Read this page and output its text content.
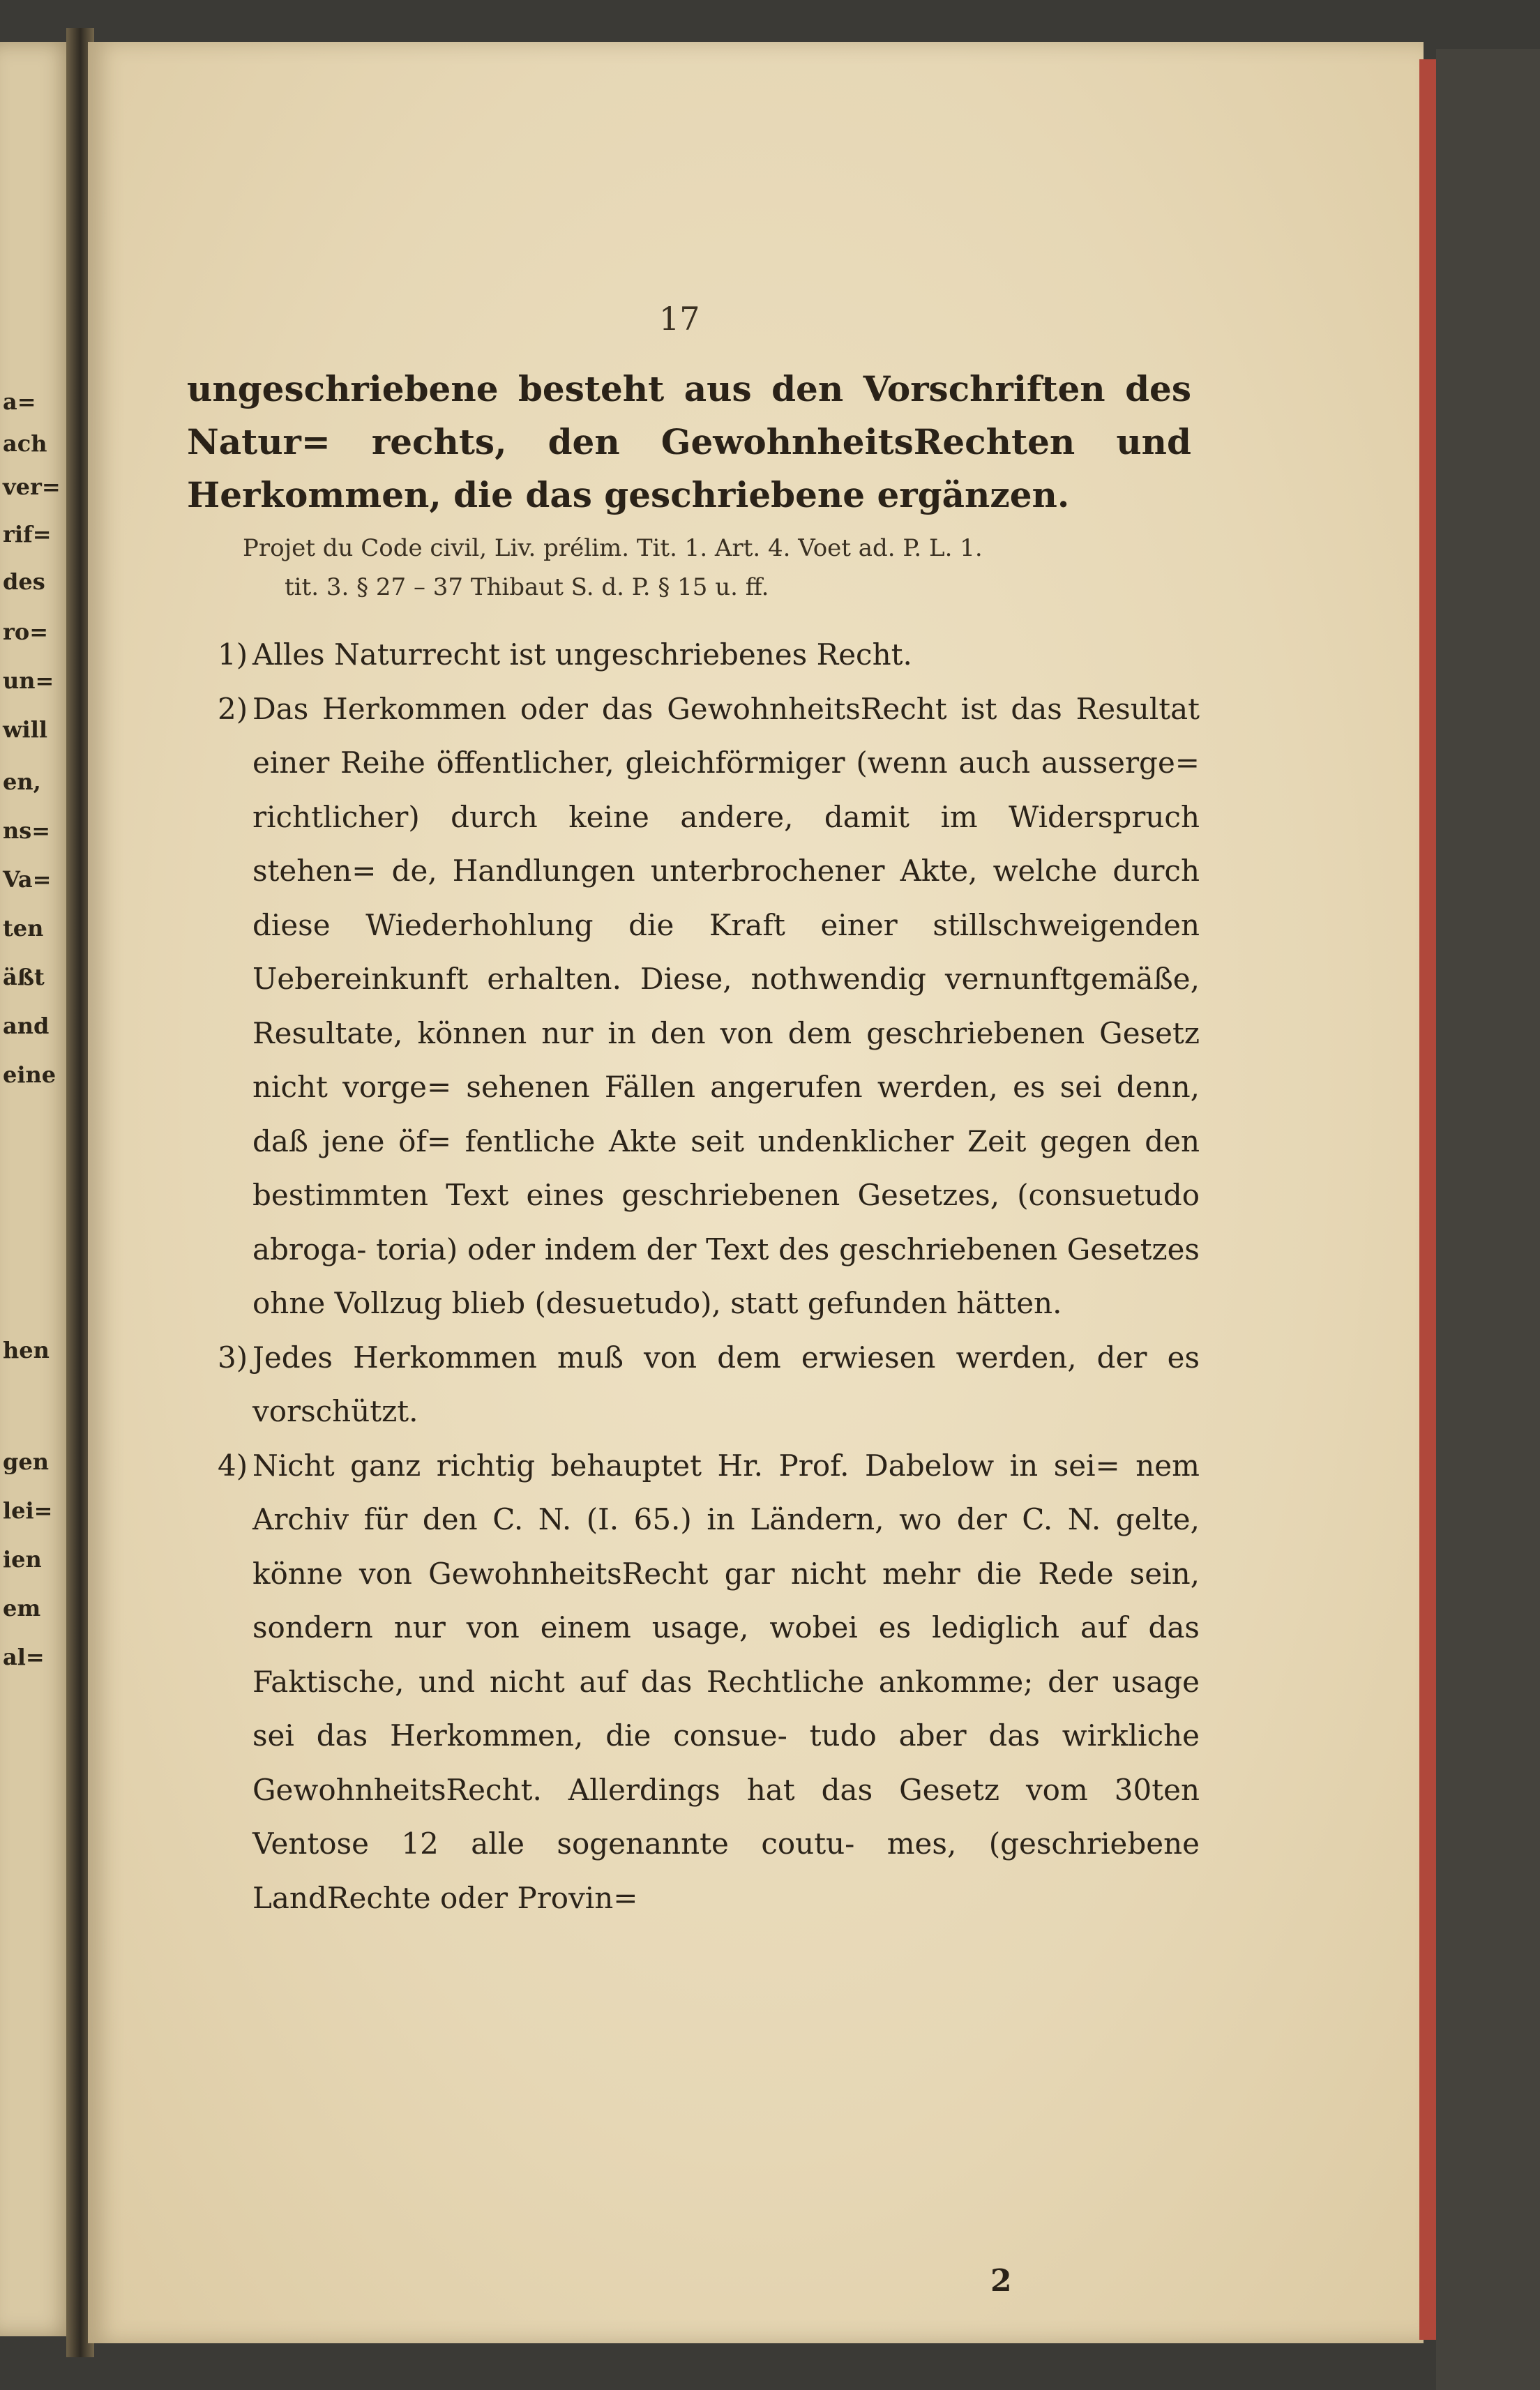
a=
ach
ver=
rif=
des
ro=
un=
will
en,
ns=
Va=
ten
äßt
and
eine
hen
gen
lei=
ien
em
al=
17
ungeschriebene besteht aus den Vorschriften des Natur= rechts, den GewohnheitsRechten und Herkommen, die das geschriebene ergänzen.
Projet du Code civil, Liv. prélim. Tit. 1. Art. 4. Voet ad. P. L. 1.
tit. 3. § 27 – 37 Thibaut S. d. P. § 15 u. ff.
1) Alles Naturrecht ist ungeschriebenes Recht.
2) Das Herkommen oder das GewohnheitsRecht ist das Resultat einer Reihe öffentlicher, gleichförmiger (wenn auch ausserge= richtlicher) durch keine andere, damit im Widerspruch stehen= de, Handlungen unterbrochener Akte, welche durch diese Wiederhohlung die Kraft einer stillschweigenden Uebereinkunft erhalten. Diese, nothwendig vernunftgemäße, Resultate, können nur in den von dem geschriebenen Gesetz nicht vorge= sehenen Fällen angerufen werden, es sei denn, daß jene öf= fentliche Akte seit undenklicher Zeit gegen den bestimmten Text eines geschriebenen Gesetzes, (consuetudo abroga- toria) oder indem der Text des geschriebenen Gesetzes ohne Vollzug blieb (desuetudo), statt gefunden hätten.
3) Jedes Herkommen muß von dem erwiesen werden, der es vorschützt.
4) Nicht ganz richtig behauptet Hr. Prof. Dabelow in sei= nem Archiv für den C. N. (I. 65.) in Ländern, wo der C. N. gelte, könne von GewohnheitsRecht gar nicht mehr die Rede sein, sondern nur von einem usage, wobei es lediglich auf das Faktische, und nicht auf das Rechtliche ankomme; der usage sei das Herkommen, die consue- tudo aber das wirkliche GewohnheitsRecht. Allerdings hat das Gesetz vom 30ten Ventose 12 alle sogenannte coutu- mes, (geschriebene LandRechte oder Provin=
2
